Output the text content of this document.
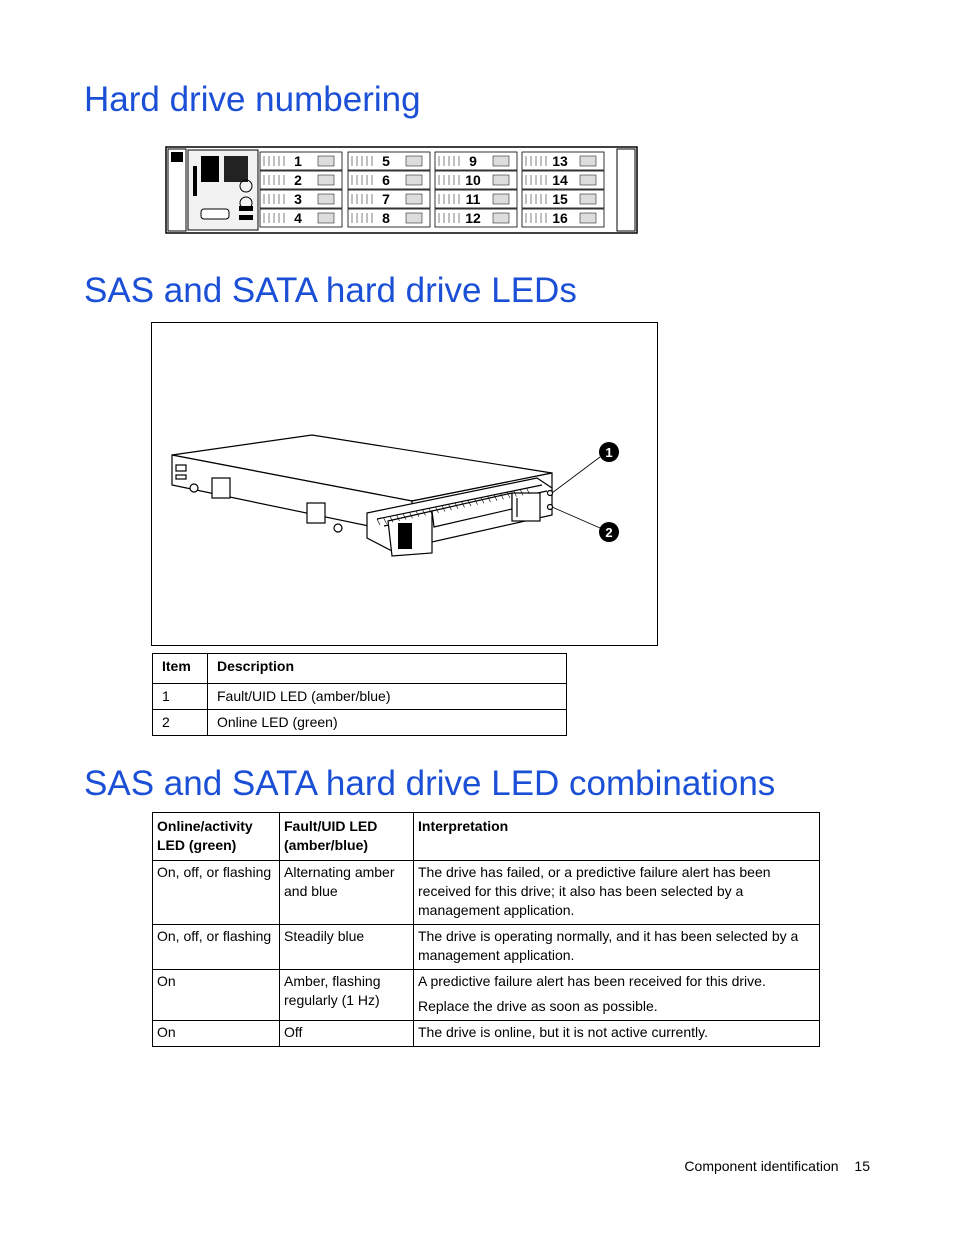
Hard drive numbering
1
2
3
4
5
6
7
8
9
10
11
12
13
14
15
16
SAS and SATA hard drive LEDs
1
2
Item	Description
1	Fault/UID LED (amber/blue)
2	Online LED (green)
SAS and SATA hard drive LED combinations
Online/activity LED (green)	Fault/UID LED (amber/blue)	Interpretation
On, off, or flashing	Alternating amber and blue	The drive has failed, or a predictive failure alert has been received for this drive; it also has been selected by a management application.
On, off, or flashing	Steadily blue	The drive is operating normally, and it has been selected by a management application.
On	Amber, flashing regularly (1 Hz)	A predictive failure alert has been received for this drive.
Replace the drive as soon as possible.

On	Off	The drive is online, but it is not active currently.
Component identification 15
